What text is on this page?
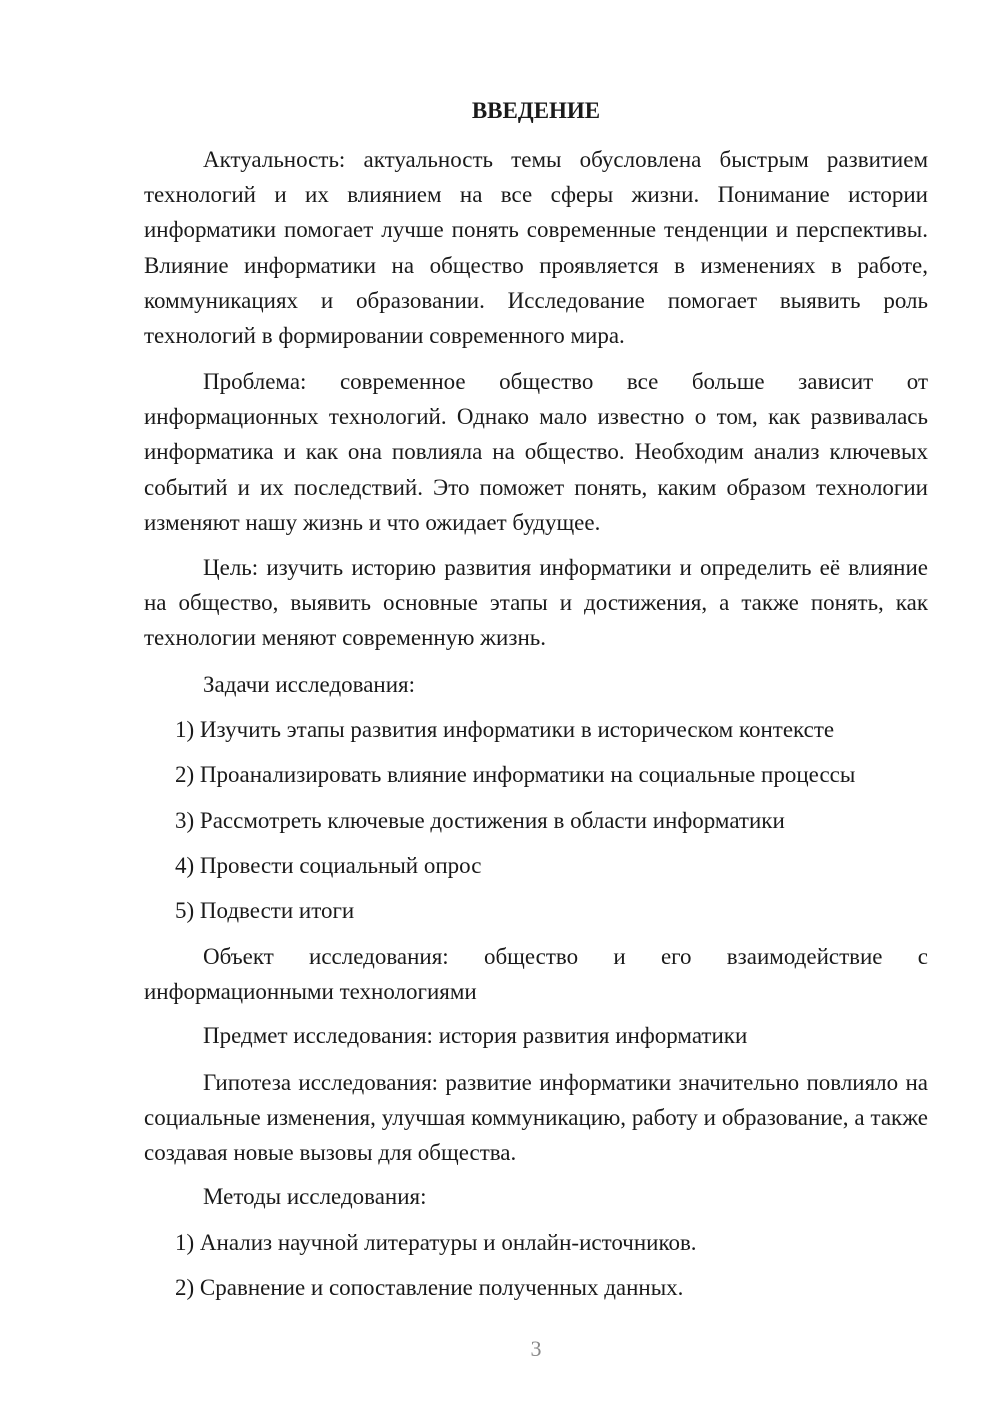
ВВЕДЕНИЕ

Актуальность: актуальность темы обусловлена быстрым развитием технологий и их влиянием на все сферы жизни. Понимание истории информатики помогает лучше понять современные тенденции и перспективы. Влияние информатики на общество проявляется в изменениях в работе, коммуникациях и образовании. Исследование помогает выявить роль технологий в формировании современного мира.

Проблема: современное общество все больше зависит от информационных технологий. Однако мало известно о том, как развивалась информатика и как она повлияла на общество. Необходим анализ ключевых событий и их последствий. Это поможет понять, каким образом технологии изменяют нашу жизнь и что ожидает будущее.

Цель: изучить историю развития информатики и определить её влияние на общество, выявить основные этапы и достижения, а также понять, как технологии меняют современную жизнь.

Задачи исследования:

1) Изучить этапы развития информатики в историческом контексте

2) Проанализировать влияние информатики на социальные процессы

3) Рассмотреть ключевые достижения в области информатики

4) Провести социальный опрос

5) Подвести итоги

Объект исследования: общество и его взаимодействие с информационными технологиями

Предмет исследования: история развития информатики

Гипотеза исследования: развитие информатики значительно повлияло на социальные изменения, улучшая коммуникацию, работу и образование, а также создавая новые вызовы для общества.

Методы исследования:

1) Анализ научной литературы и онлайн-источников.

2) Сравнение и сопоставление полученных данных.

3
